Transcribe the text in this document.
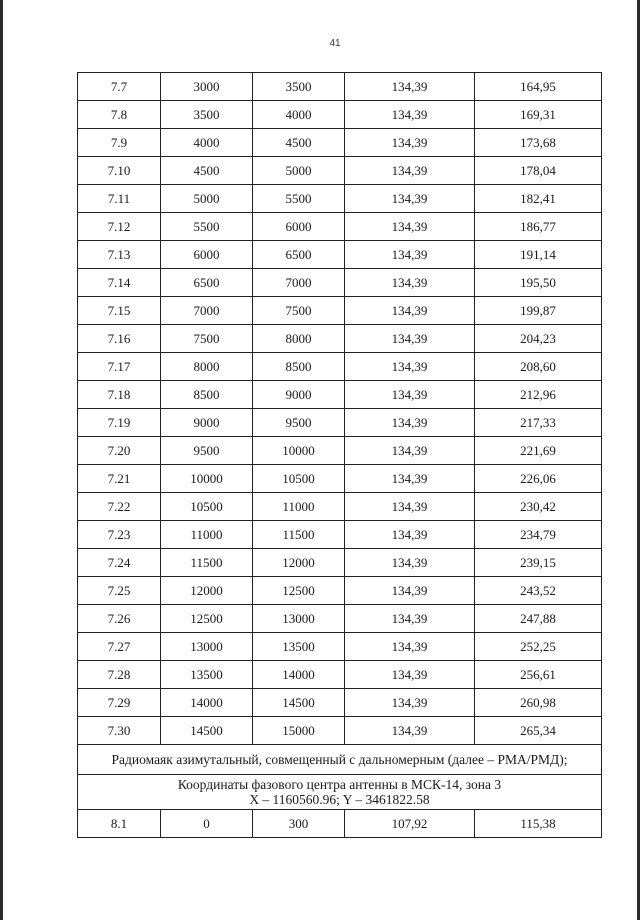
41
7.7	3000	3500	134,39	164,95
7.8	3500	4000	134,39	169,31
7.9	4000	4500	134,39	173,68
7.10	4500	5000	134,39	178,04
7.11	5000	5500	134,39	182,41
7.12	5500	6000	134,39	186,77
7.13	6000	6500	134,39	191,14
7.14	6500	7000	134,39	195,50
7.15	7000	7500	134,39	199,87
7.16	7500	8000	134,39	204,23
7.17	8000	8500	134,39	208,60
7.18	8500	9000	134,39	212,96
7.19	9000	9500	134,39	217,33
7.20	9500	10000	134,39	221,69
7.21	10000	10500	134,39	226,06
7.22	10500	11000	134,39	230,42
7.23	11000	11500	134,39	234,79
7.24	11500	12000	134,39	239,15
7.25	12000	12500	134,39	243,52
7.26	12500	13000	134,39	247,88
7.27	13000	13500	134,39	252,25
7.28	13500	14000	134,39	256,61
7.29	14000	14500	134,39	260,98
7.30	14500	15000	134,39	265,34
Радиомаяк азимутальный, совмещенный с дальномерным (далее – РМА/РМД);				

Координаты фазового центра антенны в МСК-14, зона 3
X – 1160560.96; Y – 3461822.58				

8.1	0	300	107,92	115,38
